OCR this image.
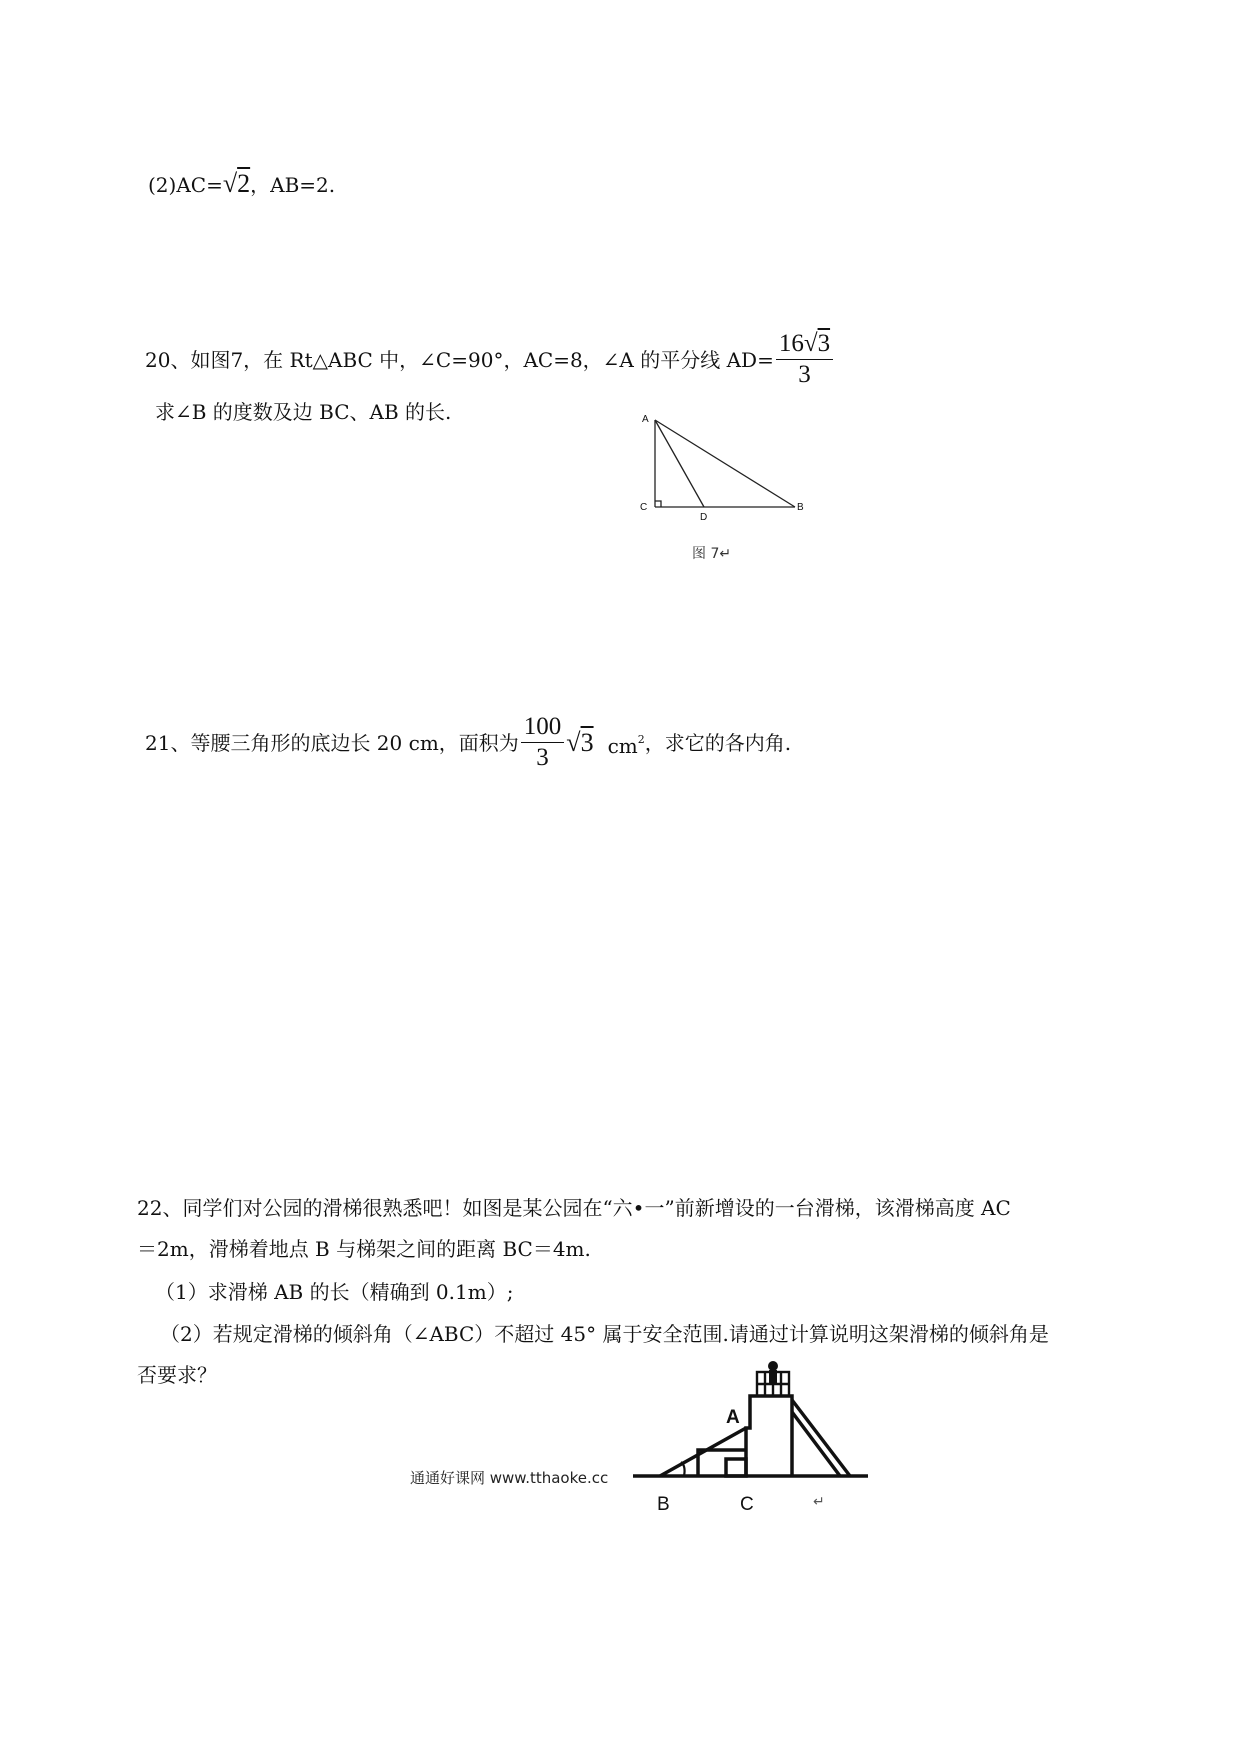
(2)AC=√2，AB=2.
20、如图7，在 Rt△ABC 中，∠C=90°，AC=8，∠A 的平分线 $AD= \frac{16√3}{3}$
求∠B 的度数及边 BC、AB 的长.	A
C
D
B
图 7↵
21、等腰三角形的底边长 20 cm，面积为 $\frac{100}{3} √3$ $cm^2$ ，求它的各内角.
22、同学们对公园的滑梯很熟悉吧！如图是某公园在“六•一”前新增设的一台滑梯，该滑梯高度 AC
＝2m，滑梯着地点 B 与梯架之间的距离 BC＝4m.
（1）求滑梯 AB 的长（精确到 0.1m）;
（2）若规定滑梯的倾斜角（∠ABC）不超过 45° 属于安全范围.请通过计算说明这架滑梯的倾斜角是
否要求？
A
B	C	↵
通通好课网 www.tthaoke.cc
